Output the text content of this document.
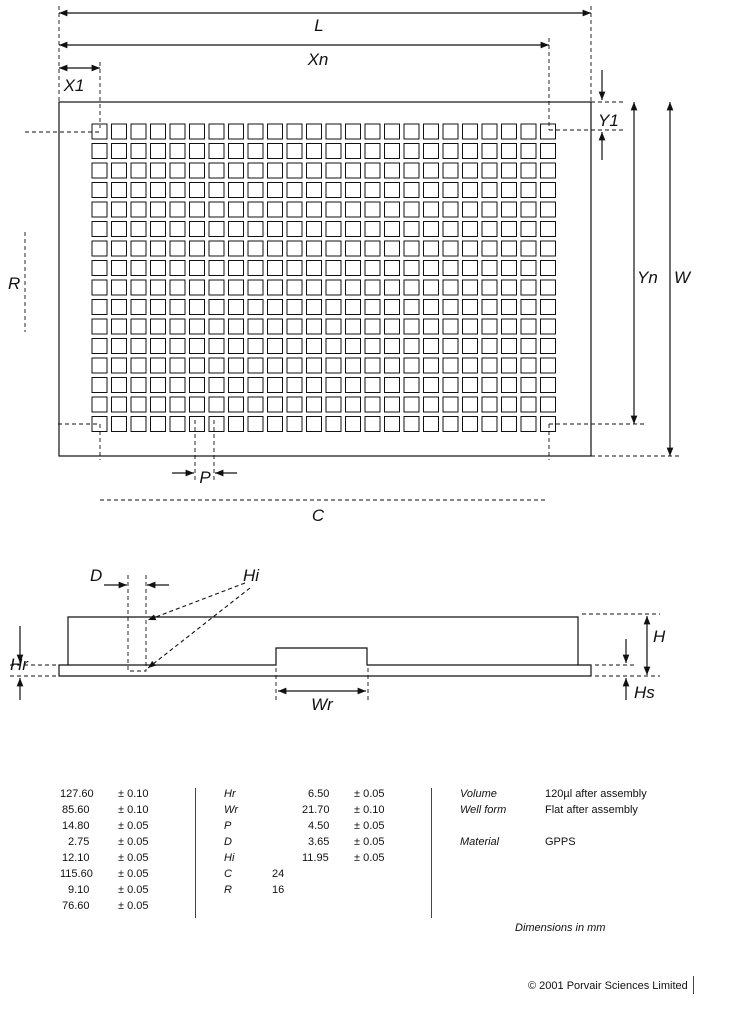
L
Xn
X1
Y1
Yn W
R
P
C
D	Hi
H
Hr
Hs
Wr
127.60 ± 0.10
85.60	± 0.10
14.80	± 0.05
2.75	± 0.05
12.10	± 0.05
115.60 ± 0.05
9.10	± 0.05
76.60	± 0.05
Hr	6.50 ± 0.05
Wr	21.70 ± 0.10
P	4.50 ± 0.05
D	3.65 ± 0.05
Hi	11.95 ± 0.05
C	24
R	16
Volume	120µl after assembly
Well form	Flat after assembly
Material	GPPS
Dimensions in mm
© 2001 Porvair Sciences Limited
